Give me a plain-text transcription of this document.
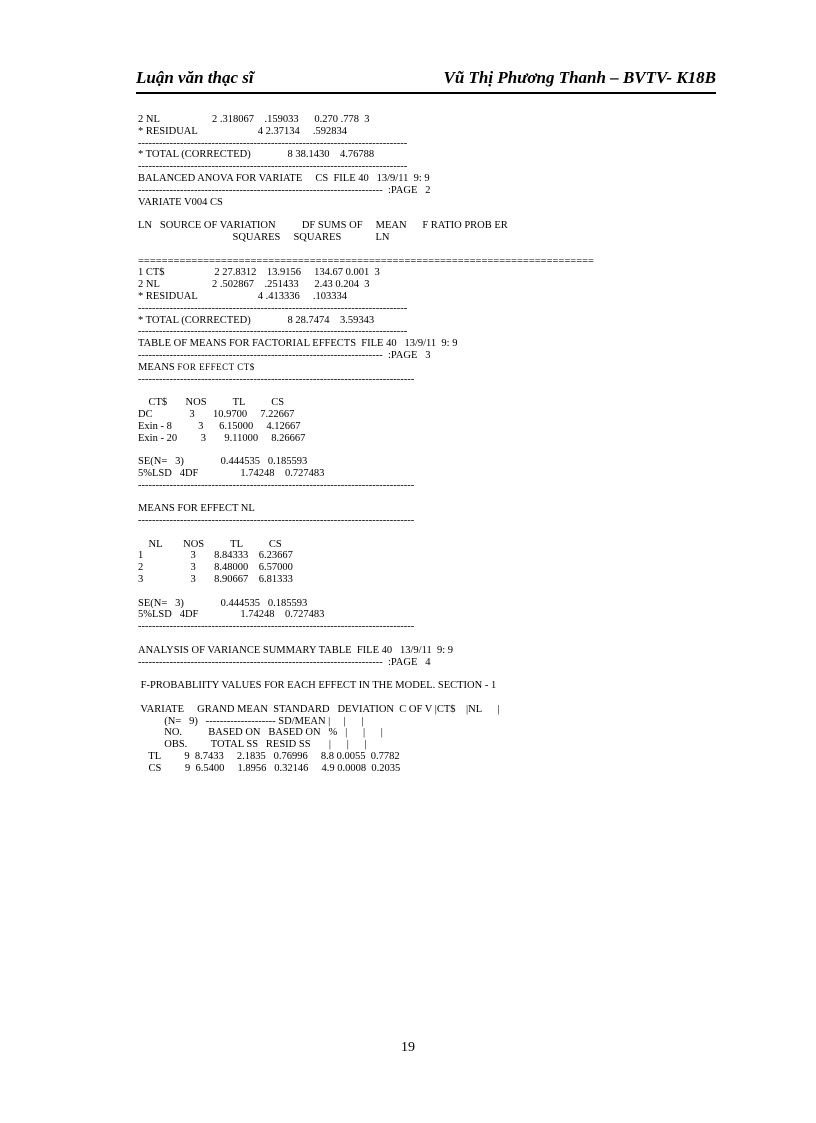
Luận văn thạc sĩ	Vũ Thị Phương Thanh – BVTV- K18B
2 NL                    2 .318067    .159033      0.270 .778  3
* RESIDUAL                       4 2.37134     .592834
-----------------------------------------------------------------------------
* TOTAL (CORRECTED)              8 38.1430    4.76788
-----------------------------------------------------------------------------
BALANCED ANOVA FOR VARIATE     CS  FILE 40   13/9/11  9: 9
----------------------------------------------------------------------  :PAGE   2
VARIATE V004 CS
LN   SOURCE OF VARIATION          DF SUMS OF     MEAN      F RATIO PROB ER
SQUARES     SQUARES             LN
=============================================================================
1 CT$                   2 27.8312    13.9156     134.67 0.001  3
2 NL                    2 .502867    .251433      2.43 0.204  3
* RESIDUAL                       4 .413336     .103334
-----------------------------------------------------------------------------
* TOTAL (CORRECTED)              8 28.7474    3.59343
-----------------------------------------------------------------------------
TABLE OF MEANS FOR FACTORIAL EFFECTS  FILE 40   13/9/11  9: 9
----------------------------------------------------------------------  :PAGE   3
MEANS FOR EFFECT CT$
-------------------------------------------------------------------------------
CT$       NOS          TL          CS
DC              3       10.9700     7.22667
Exin - 8          3      6.15000     4.12667
Exin - 20         3       9.11000     8.26667
SE(N=   3)              0.444535   0.185593
5%LSD   4DF                1.74248    0.727483
-------------------------------------------------------------------------------
MEANS FOR EFFECT NL
-------------------------------------------------------------------------------
NL        NOS          TL          CS
1                  3       8.84333    6.23667
2                  3       8.48000    6.57000
3                  3       8.90667    6.81333
SE(N=   3)              0.444535   0.185593
5%LSD   4DF                1.74248    0.727483
-------------------------------------------------------------------------------
ANALYSIS OF VARIANCE SUMMARY TABLE  FILE 40   13/9/11  9: 9
----------------------------------------------------------------------  :PAGE   4
F-PROBABLIITY VALUES FOR EACH EFFECT IN THE MODEL. SECTION - 1
VARIATE     GRAND MEAN  STANDARD   DEVIATION  C OF V |CT$    |NL      |
(N=   9)   -------------------- SD/MEAN |     |      |
NO.          BASED ON   BASED ON   %   |      |      |
OBS.         TOTAL SS   RESID SS       |      |      |
TL         9  8.7433     2.1835   0.76996     8.8 0.0055  0.7782
CS         9  6.5400     1.8956   0.32146     4.9 0.0008  0.2035
19
